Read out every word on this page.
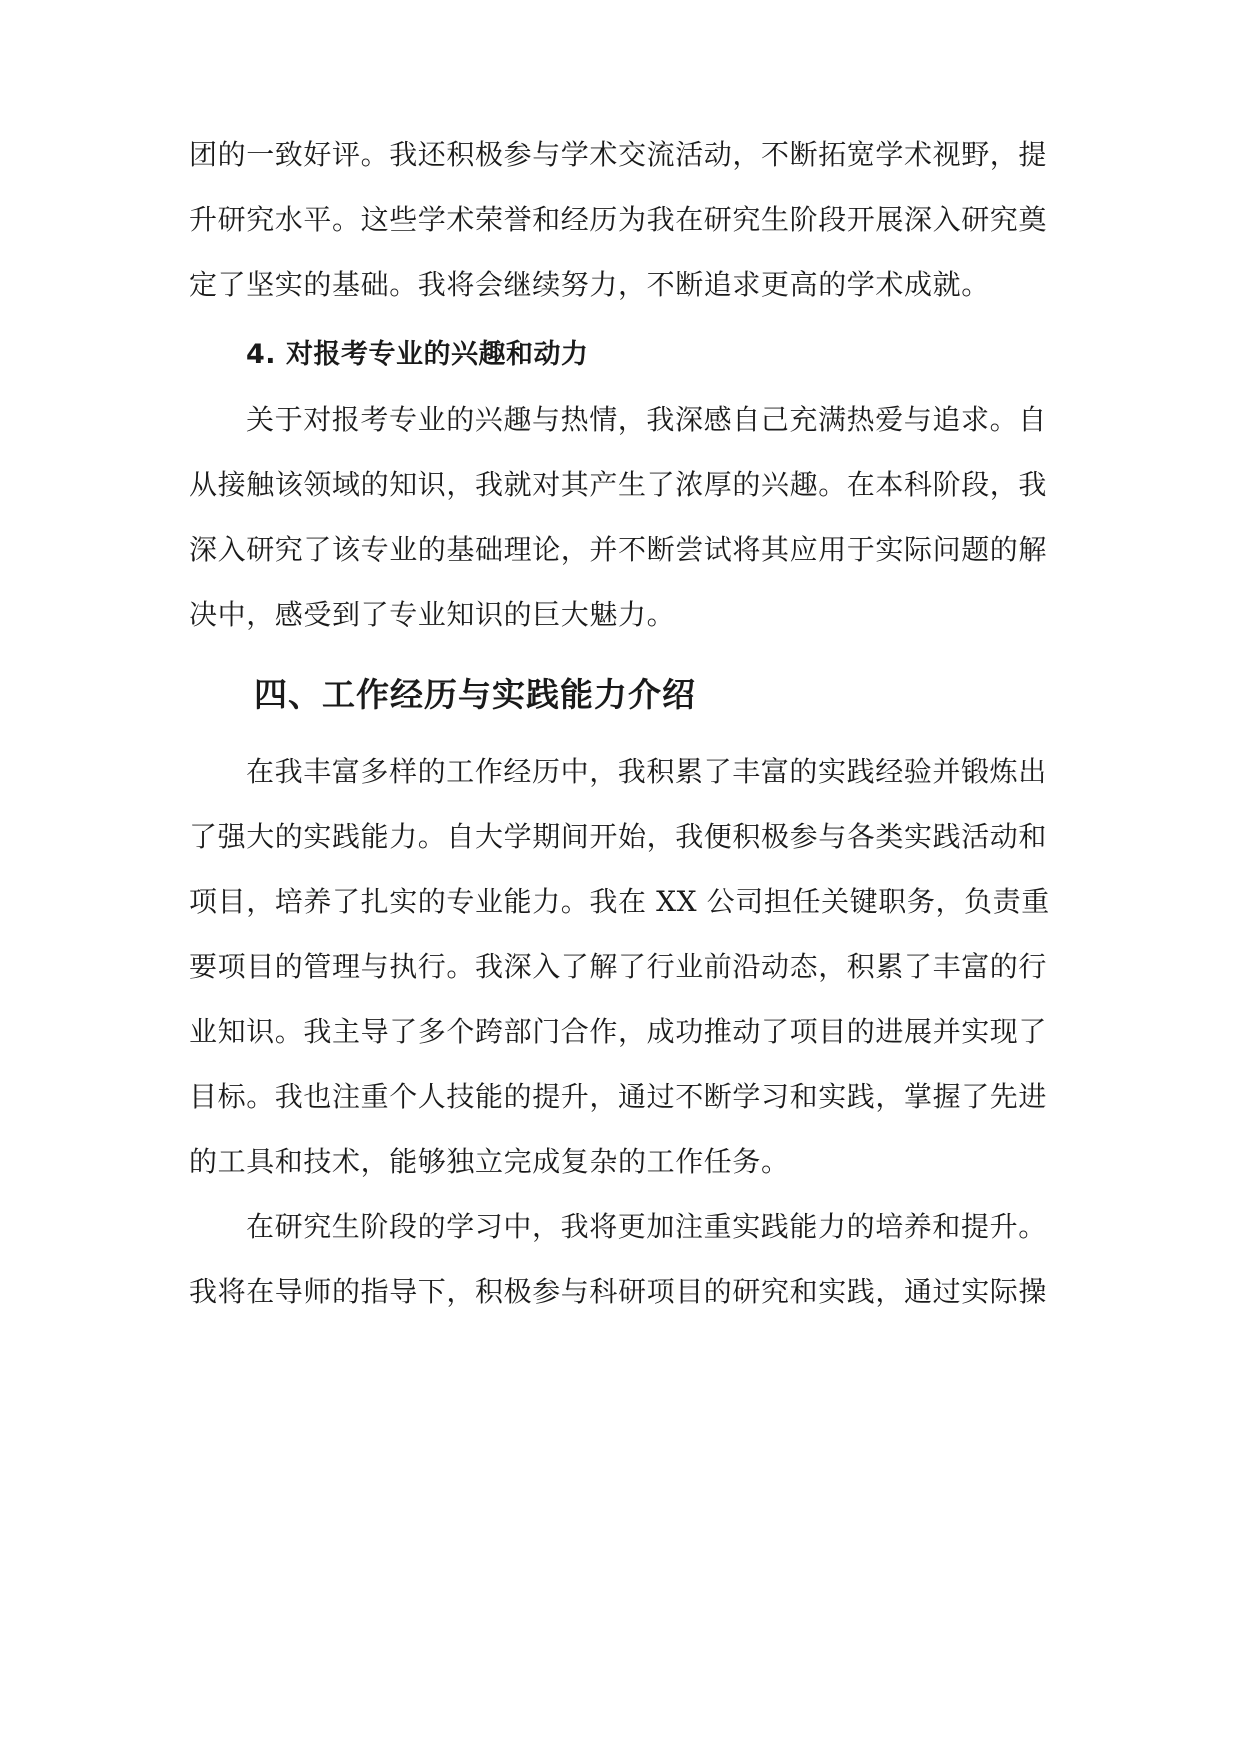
团的一致好评。我还积极参与学术交流活动，不断拓宽学术视野，提
升研究水平。这些学术荣誉和经历为我在研究生阶段开展深入研究奠
定了坚实的基础。我将会继续努力，不断追求更高的学术成就。
4. 对报考专业的兴趣和动力
关于对报考专业的兴趣与热情，我深感自己充满热爱与追求。自
从接触该领域的知识，我就对其产生了浓厚的兴趣。在本科阶段，我
深入研究了该专业的基础理论，并不断尝试将其应用于实际问题的解
决中，感受到了专业知识的巨大魅力。
四、工作经历与实践能力介绍
在我丰富多样的工作经历中，我积累了丰富的实践经验并锻炼出
了强大的实践能力。自大学期间开始，我便积极参与各类实践活动和
项目，培养了扎实的专业能力。我在 XX 公司担任关键职务，负责重
要项目的管理与执行。我深入了解了行业前沿动态，积累了丰富的行
业知识。我主导了多个跨部门合作，成功推动了项目的进展并实现了
目标。我也注重个人技能的提升，通过不断学习和实践，掌握了先进
的工具和技术，能够独立完成复杂的工作任务。
在研究生阶段的学习中，我将更加注重实践能力的培养和提升。
我将在导师的指导下，积极参与科研项目的研究和实践，通过实际操
